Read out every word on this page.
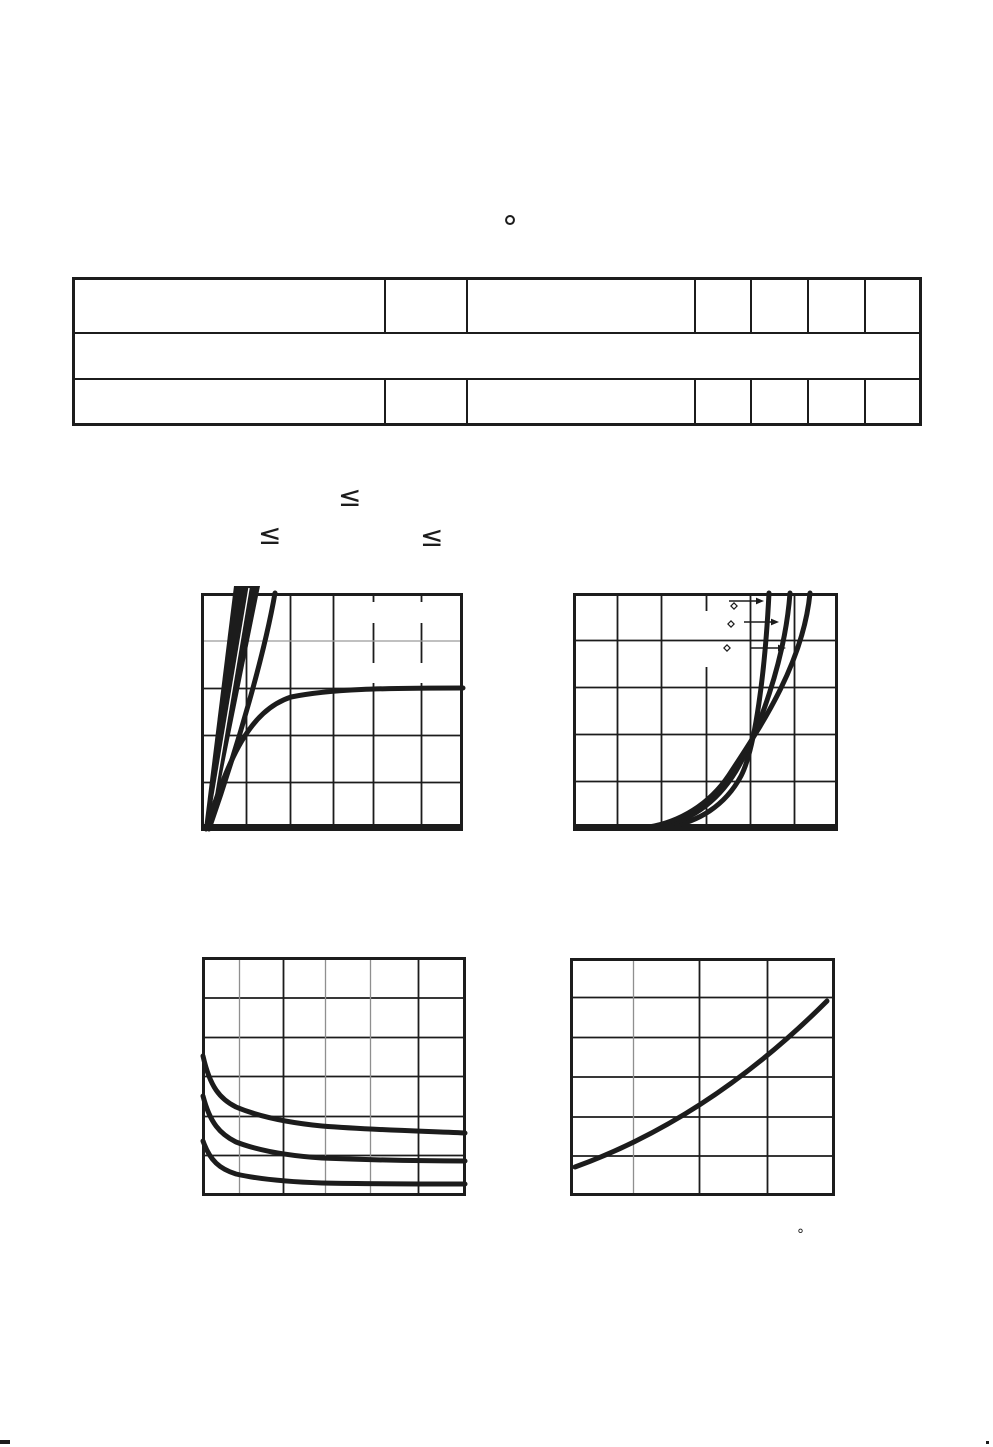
°
≤
≤	≤
°
